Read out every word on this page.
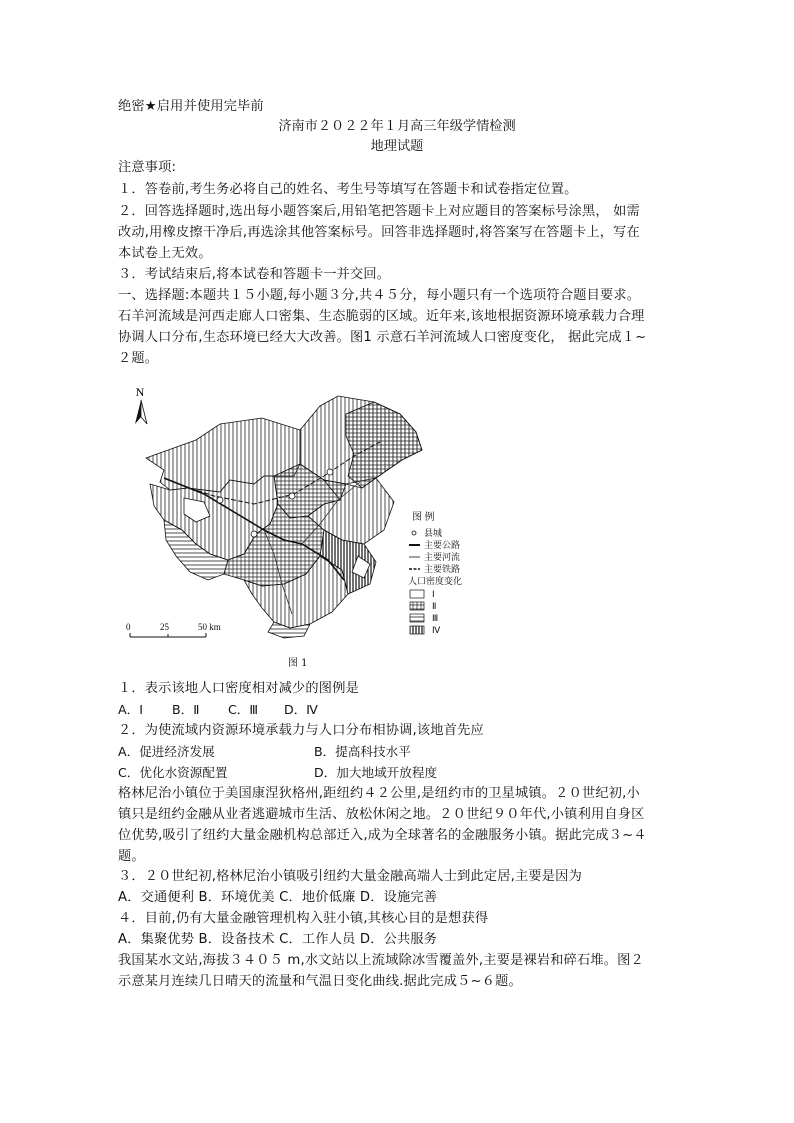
绝密★启用并使用完毕前
济南市２０２２年１月高三年级学情检测
地理试题
注意事项:
１．答卷前,考生务必将自己的姓名、考生号等填写在答题卡和试卷指定位置。
２．回答选择题时,选出每小题答案后,用铅笔把答题卡上对应题目的答案标号涂黑， 如需
改动,用橡皮擦干净后,再选涂其他答案标号。回答非选择题时,将答案写在答题卡上，写在
本试卷上无效。
３．考试结束后,将本试卷和答题卡一并交回。
一、选择题:本题共１５小题,每小题３分,共４５分，每小题只有一个选项符合题目要求。
石羊河流域是河西走廊人口密集、生态脆弱的区域。近年来,该地根据资源环境承载力合理
协调人口分布,生态环境已经大大改善。图1 示意石羊河流域人口密度变化， 据此完成１~
２题。
N
图 例
县城
主要公路
主要河流
主要铁路
人口密度变化
Ⅰ
Ⅱ
Ⅲ
Ⅳ
0	25	50 km
图 1
１．表示该地人口密度相对减少的图例是
A．Ⅰ B．Ⅱ C．Ⅲ D．Ⅳ
２．为使流域内资源环境承载力与人口分布相协调,该地首先应
A．促进经济发展	B．提高科技水平
C．优化水资源配置	D．加大地域开放程度
格林尼治小镇位于美国康涅狄格州,距纽约４２公里,是纽约市的卫星城镇。２０世纪初,小
镇只是纽约金融从业者逃避城市生活、放松休闲之地。２０世纪９０年代,小镇利用自身区
位优势,吸引了纽约大量金融机构总部迁入,成为全球著名的金融服务小镇。据此完成３~４
题。
３．２０世纪初,格林尼治小镇吸引纽约大量金融高端人士到此定居,主要是因为
A．交通便利 B．环境优美 C．地价低廉 D．设施完善
４．目前,仍有大量金融管理机构入驻小镇,其核心目的是想获得
A．集聚优势 B．设备技术 C．工作人员 D．公共服务
我国某水文站,海拔３４０５ m,水文站以上流域除冰雪覆盖外,主要是裸岩和碎石堆。图２
示意某月连续几日晴天的流量和气温日变化曲线.据此完成５~６题。
